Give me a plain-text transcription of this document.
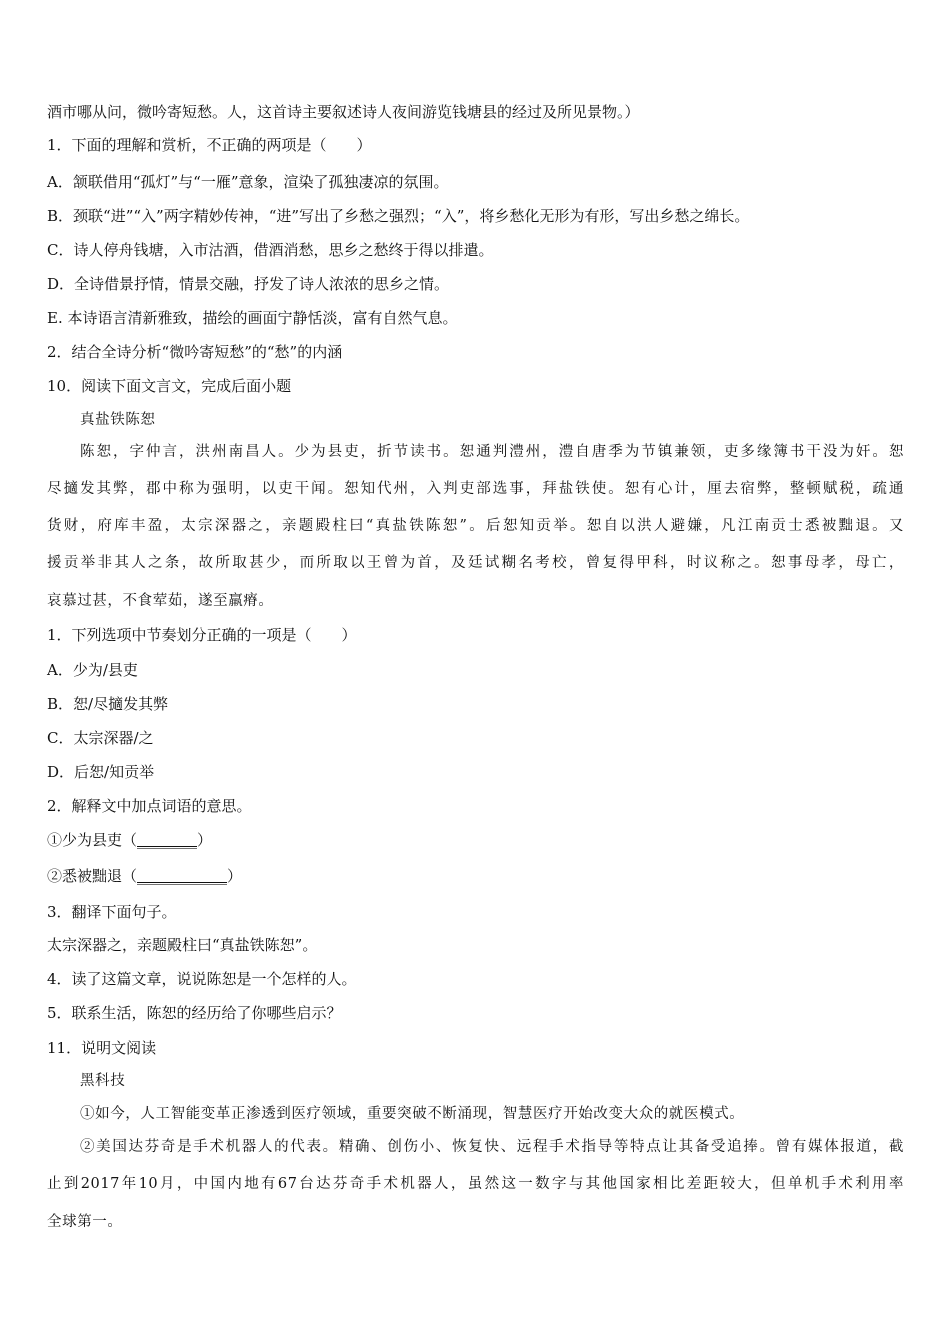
酒市哪从问，微吟寄短愁。人，这首诗主要叙述诗人夜间游览钱塘县的经过及所见景物。）
1．下面的理解和赏析，不正确的两项是（　　）
A．颔联借用“孤灯”与“一雁”意象，渲染了孤独凄凉的氛围。
B．颈联“进”“入”两字精妙传神，“进”写出了乡愁之强烈；“入”，将乡愁化无形为有形，写出乡愁之绵长。
C．诗人停舟钱塘，入市沽酒，借酒消愁，思乡之愁终于得以排遣。
D．全诗借景抒情，情景交融，抒发了诗人浓浓的思乡之情。
E. 本诗语言清新雅致，描绘的画面宁静恬淡，富有自然气息。
2．结合全诗分析“微吟寄短愁”的“愁”的内涵
10．阅读下面文言文，完成后面小题
真盐铁陈恕
陈恕，字仲言，洪州南昌人。少为县吏，折节读书。恕通判澧州，澧自唐季为节镇兼领，吏多缘簿书干没为奸。恕
尽擿发其弊，郡中称为强明，以吏干闻。恕知代州，入判吏部选事，拜盐铁使。恕有心计，厘去宿弊，整顿赋税，疏通
货财，府库丰盈，太宗深器之，亲题殿柱曰“真盐铁陈恕”。后恕知贡举。恕自以洪人避嫌，凡江南贡士悉被黜退。又
援贡举非其人之条，故所取甚少，而所取以王曾为首，及廷试糊名考校，曾复得甲科，时议称之。恕事母孝，母亡，
哀慕过甚，不食荤茹，遂至羸瘠。
1．下列选项中节奏划分正确的一项是（　　）
A．少为/县吏
B．恕/尽擿发其弊
C．太宗深器/之
D．后恕/知贡举
2．解释文中加点词语的意思。
①少为县吏（________）
②悉被黜退（____________）
3．翻译下面句子。
太宗深器之，亲题殿柱曰“真盐铁陈恕”。
4．读了这篇文章，说说陈恕是一个怎样的人。
5．联系生活，陈恕的经历给了你哪些启示？
11．说明文阅读
黑科技
①如今，人工智能变革正渗透到医疗领域，重要突破不断涌现，智慧医疗开始改变大众的就医模式。
②美国达芬奇是手术机器人的代表。精确、创伤小、恢复快、远程手术指导等特点让其备受追捧。曾有媒体报道，截
止到2017年10月，中国内地有67台达芬奇手术机器人，虽然这一数字与其他国家相比差距较大，但单机手术利用率
全球第一。
